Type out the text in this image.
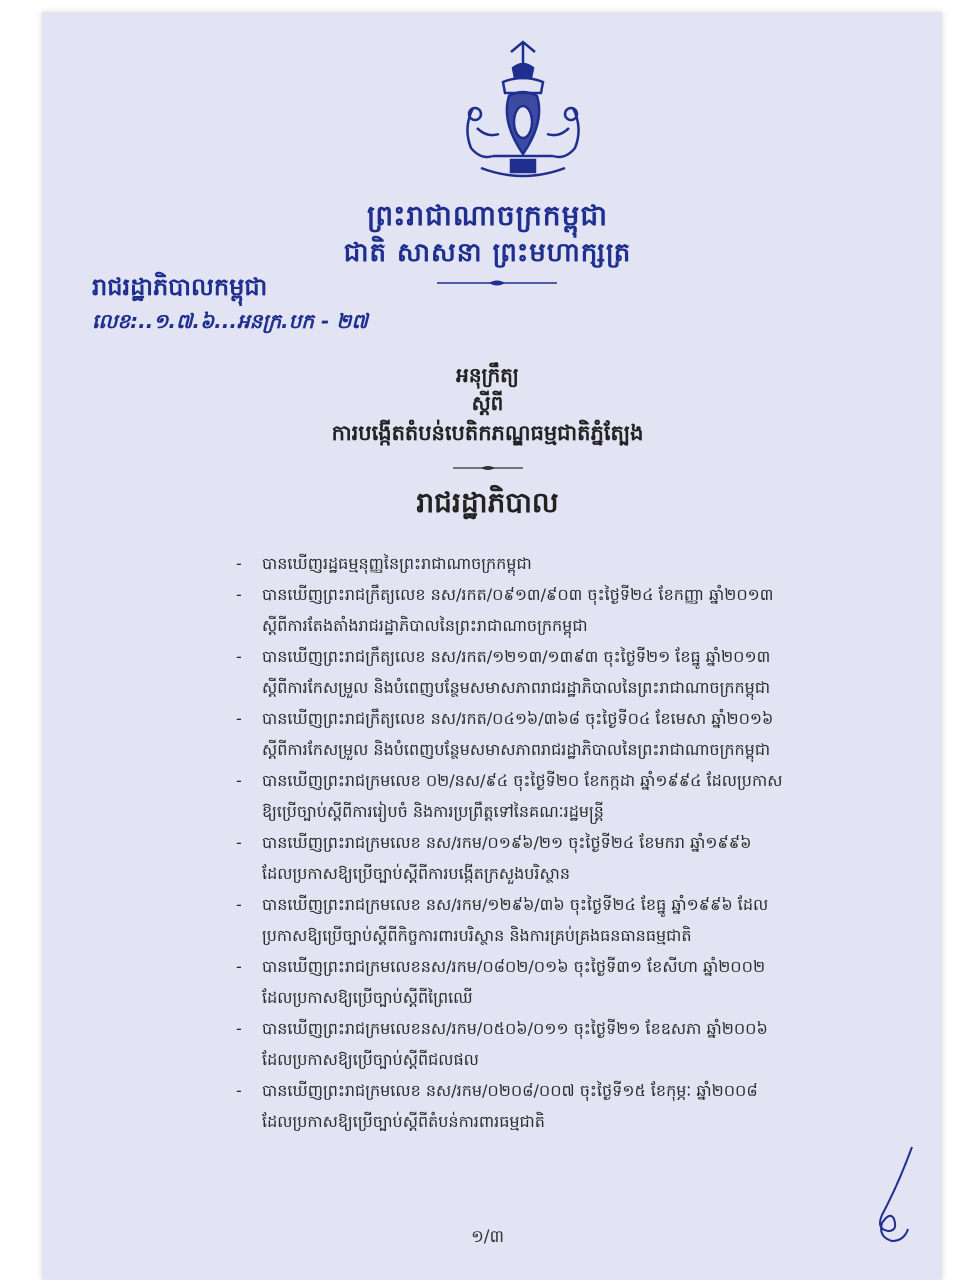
ព្រះរាជាណាចក្រកម្ពុជា
ជាតិ សាសនា ព្រះមហាក្សត្រ
រាជរដ្ឋាភិបាលកម្ពុជា
លេខ:..១.៧.៦...អនក្រ.បក - ២៧
អនុក្រឹត្យ
ស្ដីពី
ការបង្កើតតំបន់បេតិកភណ្ឌធម្មជាតិភ្នំត្បែង
រាជរដ្ឋាភិបាល
- បានឃើញរដ្ឋធម្មនុញ្ញនៃព្រះរាជាណាចក្រកម្ពុជា
- បានឃើញព្រះរាជក្រឹត្យលេខ នស/រកត/០៩១៣/៩០៣ ចុះថ្ងៃទី២៤ ខែកញ្ញា ឆ្នាំ២០១៣
ស្ដីពីការតែងតាំងរាជរដ្ឋាភិបាលនៃព្រះរាជាណាចក្រកម្ពុជា
- បានឃើញព្រះរាជក្រឹត្យលេខ នស/រកត/១២១៣/១៣៩៣ ចុះថ្ងៃទី២១ ខែធ្នូ ឆ្នាំ២០១៣
ស្ដីពីការកែសម្រួល និងបំពេញបន្ថែមសមាសភាពរាជរដ្ឋាភិបាលនៃព្រះរាជាណាចក្រកម្ពុជា
- បានឃើញព្រះរាជក្រឹត្យលេខ នស/រកត/០៤១៦/៣៦៨ ចុះថ្ងៃទី០៤ ខែមេសា ឆ្នាំ២០១៦
ស្ដីពីការកែសម្រួល និងបំពេញបន្ថែមសមាសភាពរាជរដ្ឋាភិបាលនៃព្រះរាជាណាចក្រកម្ពុជា
- បានឃើញព្រះរាជក្រមលេខ ០២/នស/៩៤ ចុះថ្ងៃទី២០ ខែកក្កដា ឆ្នាំ១៩៩៤ ដែលប្រកាស
ឱ្យប្រើច្បាប់ស្ដីពីការរៀបចំ និងការប្រព្រឹត្តទៅនៃគណៈរដ្ឋមន្ត្រី
- បានឃើញព្រះរាជក្រមលេខ នស/រកម/០១៩៦/២១ ចុះថ្ងៃទី២៤ ខែមករា ឆ្នាំ១៩៩៦
ដែលប្រកាសឱ្យប្រើច្បាប់ស្ដីពីការបង្កើតក្រសួងបរិស្ថាន
- បានឃើញព្រះរាជក្រមលេខ នស/រកម/១២៩៦/៣៦ ចុះថ្ងៃទី២៤ ខែធ្នូ ឆ្នាំ១៩៩៦ ដែល
ប្រកាសឱ្យប្រើច្បាប់ស្ដីពីកិច្ចការពារបរិស្ថាន និងការគ្រប់គ្រងធនធានធម្មជាតិ
- បានឃើញព្រះរាជក្រមលេខនស/រកម/០៨០២/០១៦ ចុះថ្ងៃទី៣១ ខែសីហា ឆ្នាំ២០០២
ដែលប្រកាសឱ្យប្រើច្បាប់ស្ដីពីព្រៃឈើ
- បានឃើញព្រះរាជក្រមលេខនស/រកម/០៥០៦/០១១ ចុះថ្ងៃទី២១ ខែឧសភា ឆ្នាំ២០០៦
ដែលប្រកាសឱ្យប្រើច្បាប់ស្ដីពីជលផល
- បានឃើញព្រះរាជក្រមលេខ នស/រកម/០២០៨/០០៧ ចុះថ្ងៃទី១៥ ខែកុម្ភៈ ឆ្នាំ២០០៨
ដែលប្រកាសឱ្យប្រើច្បាប់ស្ដីពីតំបន់ការពារធម្មជាតិ
១/៣
